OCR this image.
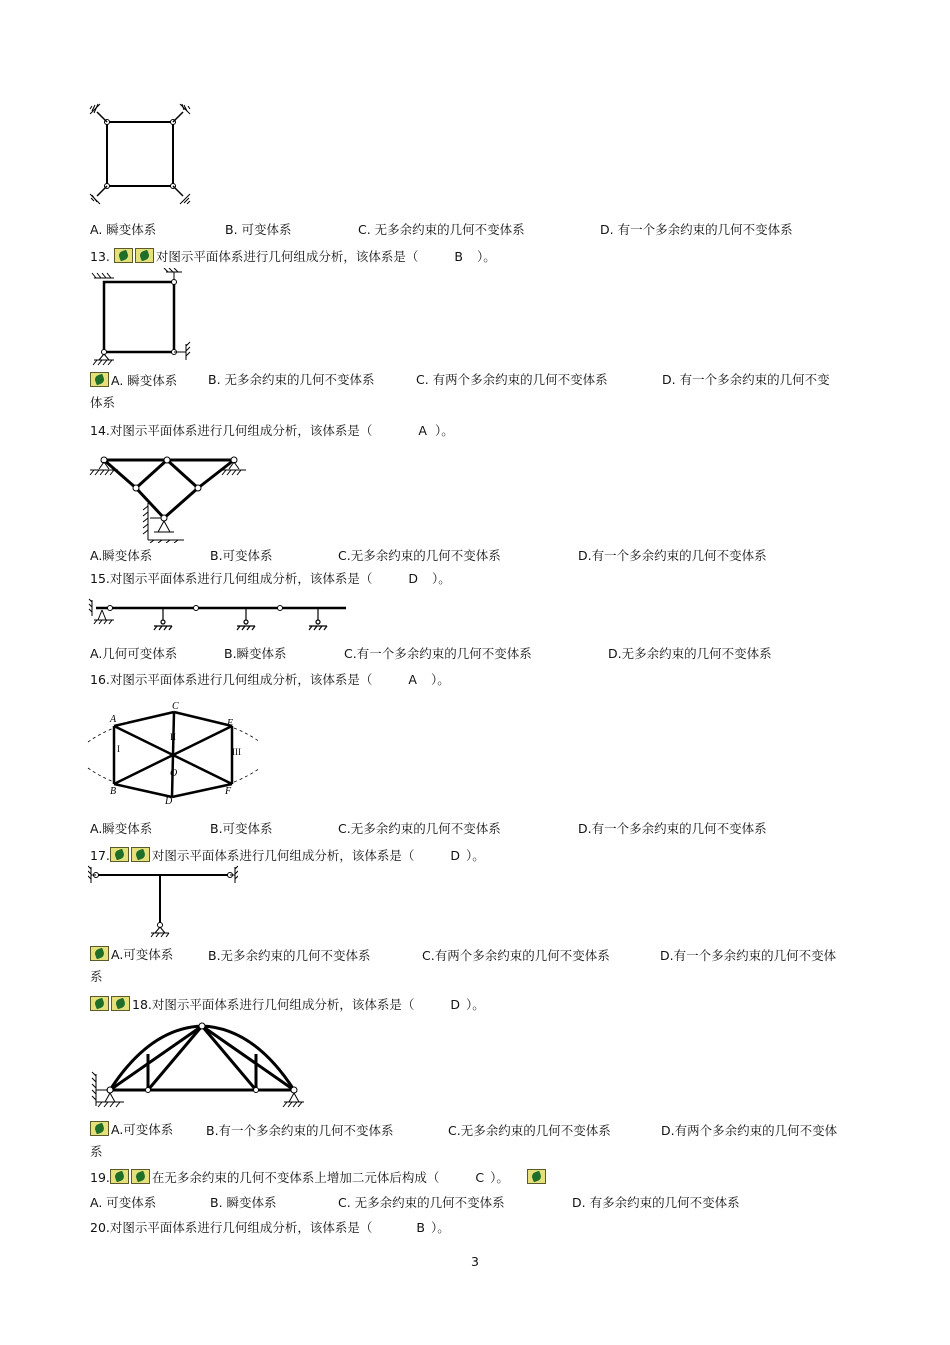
A. 瞬变体系	B. 可变体系	C. 无多余约束的几何不变体系	D. 有一个多余约束的几何不变体系
13.	对图示平面体系进行几何组成分析，该体系是（	B ）。
A. 瞬变体系 B. 无多余约束的几何不变体系	C. 有两个多余约束的几何不变体系	D. 有一个多余约束的几何不变
体系
14.对图示平面体系进行几何组成分析，该体系是（	A ）。
A.瞬变体系	B.可变体系	C.无多余约束的几何不变体系	D.有一个多余约束的几何不变体系
15.对图示平面体系进行几何组成分析，该体系是（	D ）。
A.几何可变体系	B.瞬变体系	C.有一个多余约束的几何不变体系	D.无多余约束的几何不变体系
16.对图示平面体系进行几何组成分析，该体系是（	A ）。
A
C
E
B
D
F
O
I
II
III
A.瞬变体系	B.可变体系	C.无多余约束的几何不变体系	D.有一个多余约束的几何不变体系
17.	对图示平面体系进行几何组成分析，该体系是（	D ）。
A.可变体系	B.无多余约束的几何不变体系	C.有两个多余约束的几何不变体系	D.有一个多余约束的几何不变体
系
18.对图示平面体系进行几何组成分析，该体系是（	D ）。
A.可变体系	B.有一个多余约束的几何不变体系	C.无多余约束的几何不变体系	D.有两个多余约束的几何不变体
系
19.	在无多余约束的几何不变体系上增加二元体后构成（	C ）。
A. 可变体系	B. 瞬变体系	C. 无多余约束的几何不变体系	D. 有多余约束的几何不变体系
20.对图示平面体系进行几何组成分析，该体系是（	B ）。
3
